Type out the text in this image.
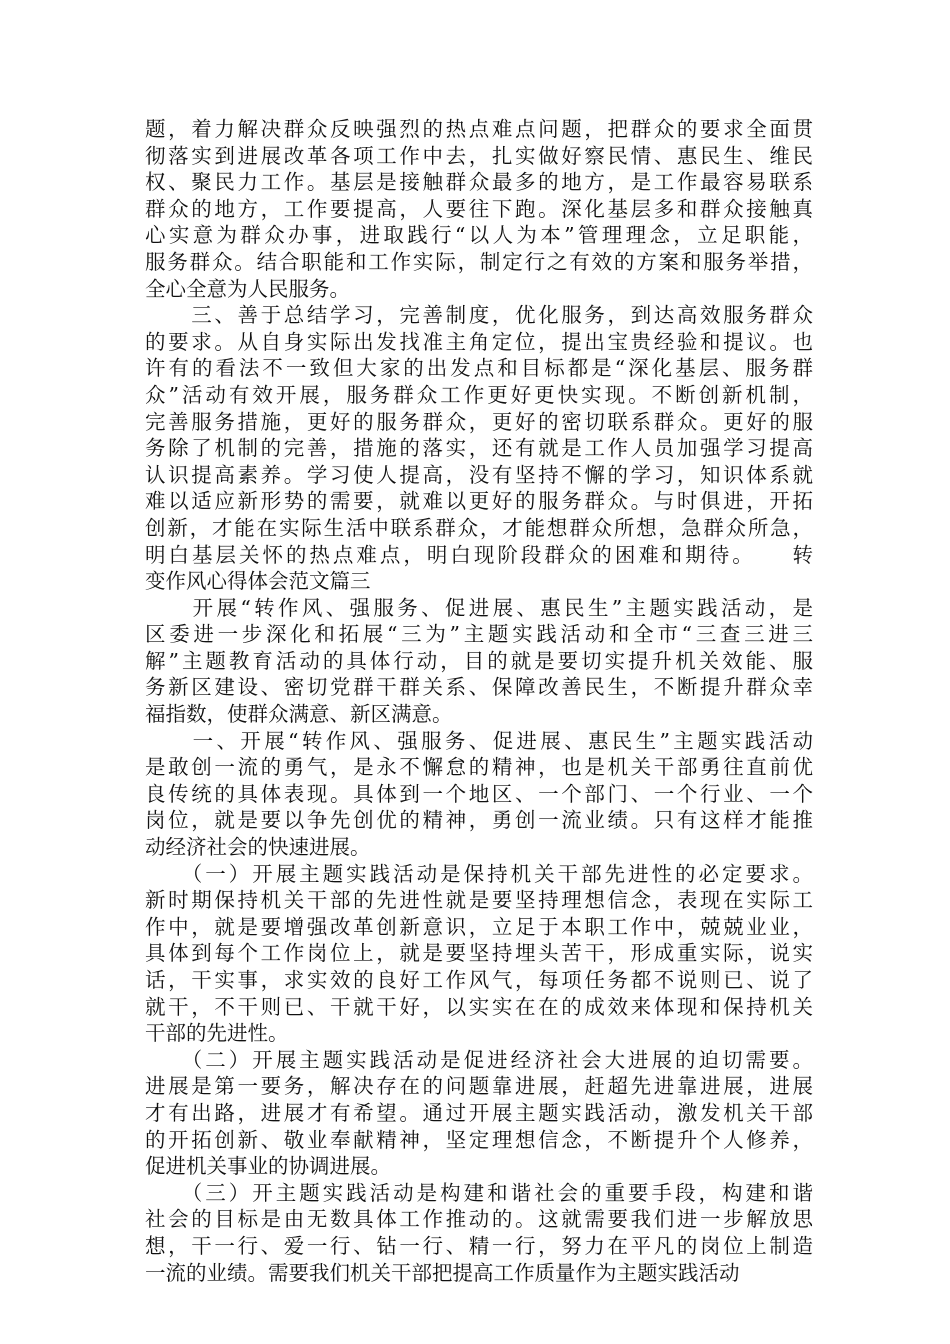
题，着力解决群众反映强烈的热点难点问题，把群众的要求全面贯
彻落实到进展改革各项工作中去，扎实做好察民情、惠民生、维民
权、聚民力工作。基层是接触群众最多的地方，是工作最容易联系
群众的地方，工作要提高，人要往下跑。深化基层多和群众接触真
心实意为群众办事，进取践行“以人为本”管理理念，立足职能，
服务群众。结合职能和工作实际，制定行之有效的方案和服务举措，
全心全意为人民服务。
　　三、善于总结学习，完善制度，优化服务，到达高效服务群众
的要求。从自身实际出发找准主角定位，提出宝贵经验和提议。也
许有的看法不一致但大家的出发点和目标都是“深化基层、服务群
众”活动有效开展，服务群众工作更好更快实现。不断创新机制，
完善服务措施，更好的服务群众，更好的密切联系群众。更好的服
务除了机制的完善，措施的落实，还有就是工作人员加强学习提高
认识提高素养。学习使人提高，没有坚持不懈的学习，知识体系就
难以适应新形势的需要，就难以更好的服务群众。与时俱进，开拓
创新，才能在实际生活中联系群众，才能想群众所想，急群众所急，
明白基层关怀的热点难点，明白现阶段群众的困难和期待。　　转
变作风心得体会范文篇三
　　开展“转作风、强服务、促进展、惠民生”主题实践活动，是
区委进一步深化和拓展“三为”主题实践活动和全市“三查三进三
解”主题教育活动的具体行动，目的就是要切实提升机关效能、服
务新区建设、密切党群干群关系、保障改善民生，不断提升群众幸
福指数，使群众满意、新区满意。
　　一、开展“转作风、强服务、促进展、惠民生”主题实践活动
是敢创一流的勇气，是永不懈怠的精神，也是机关干部勇往直前优
良传统的具体表现。具体到一个地区、一个部门、一个行业、一个
岗位，就是要以争先创优的精神，勇创一流业绩。只有这样才能推
动经济社会的快速进展。
　　（一）开展主题实践活动是保持机关干部先进性的必定要求。
新时期保持机关干部的先进性就是要坚持理想信念，表现在实际工
作中，就是要增强改革创新意识，立足于本职工作中，兢兢业业，
具体到每个工作岗位上，就是要坚持埋头苦干，形成重实际，说实
话，干实事，求实效的良好工作风气，每项任务都不说则已、说了
就干，不干则已、干就干好，以实实在在的成效来体现和保持机关
干部的先进性。
　　（二）开展主题实践活动是促进经济社会大进展的迫切需要。
进展是第一要务，解决存在的问题靠进展，赶超先进靠进展，进展
才有出路，进展才有希望。通过开展主题实践活动，激发机关干部
的开拓创新、敬业奉献精神，坚定理想信念，不断提升个人修养，
促进机关事业的协调进展。
　　（三）开主题实践活动是构建和谐社会的重要手段，构建和谐
社会的目标是由无数具体工作推动的。这就需要我们进一步解放思
想，干一行、爱一行、钻一行、精一行，努力在平凡的岗位上制造
一流的业绩。需要我们机关干部把提高工作质量作为主题实践活动
